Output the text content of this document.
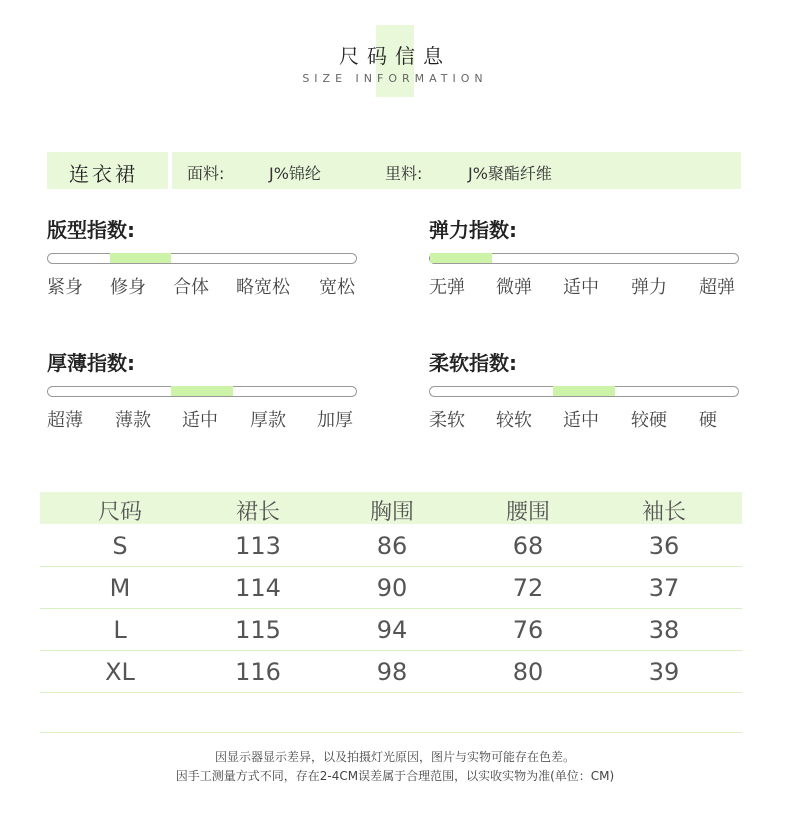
尺码信息
SIZE INFORMATION
连衣裙	面料:	J%锦纶	里料:	J%聚酯纤维
版型指数:
紧身 修身 合体 略宽松 宽松
弹力指数:
无弹 微弹 适中 弹力 超弹
厚薄指数:
超薄 薄款 适中 厚款 加厚
柔软指数:
柔软 较软 适中 较硬 硬
尺码	裙长	胸围	腰围	袖长
S	113	86	68	36
M	114	90	72	37
L	115	94	76	38
XL	116	98	80	39
因显示器显示差异，以及拍摄灯光原因，图片与实物可能存在色差。
因手工测量方式不同，存在2-4CM误差属于合理范围，以实收实物为准(单位：CM)
